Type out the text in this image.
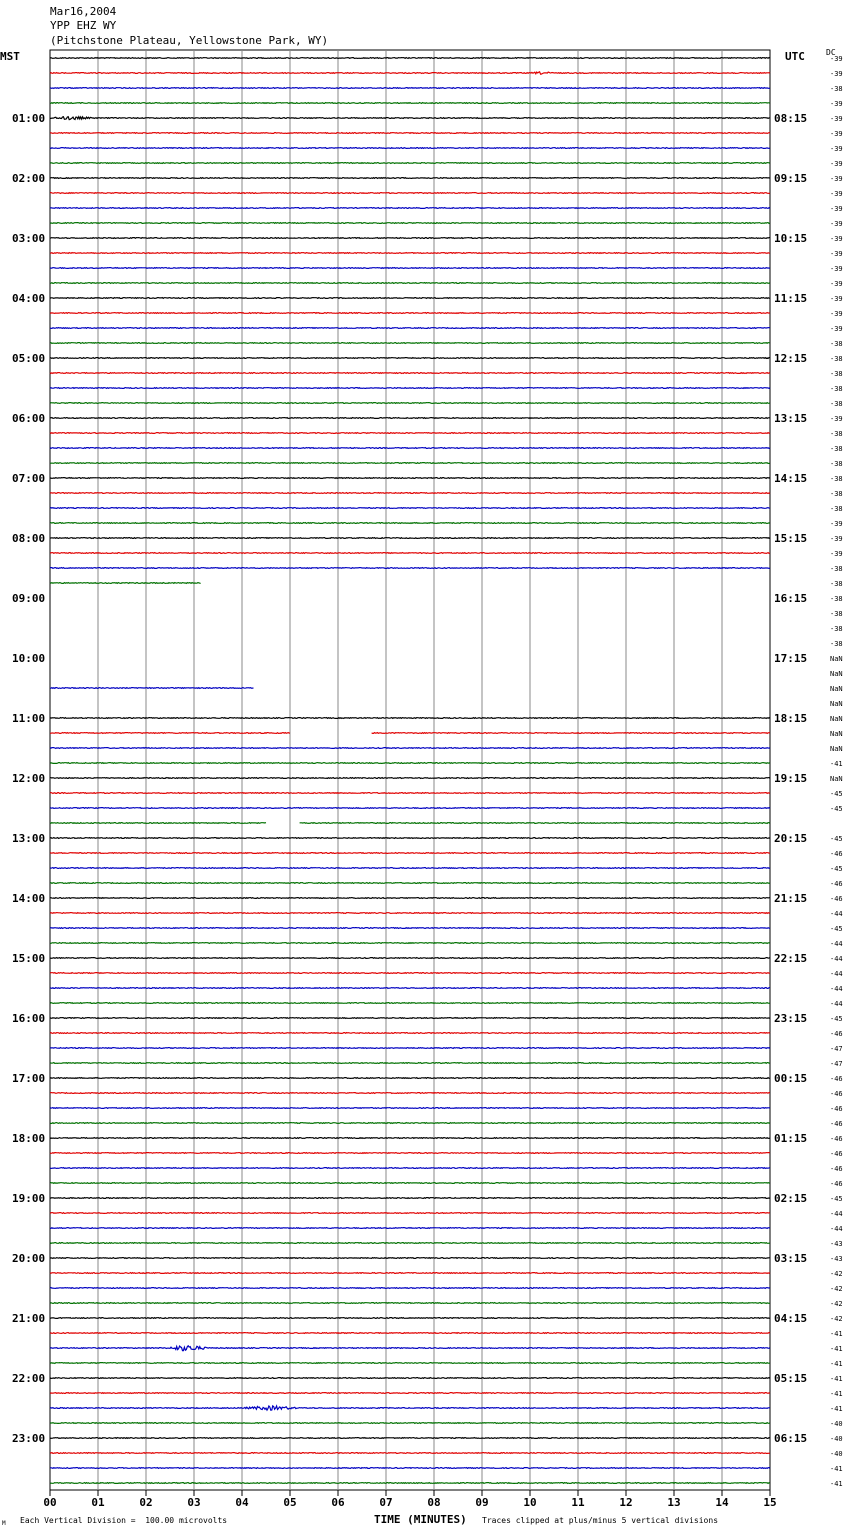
Mar16,2004
YPP EHZ WY
(Pitchstone Plateau, Yellowstone Park, WY)
MST	UTC	DC
01:00
02:00
03:00
04:00
05:00
06:00
07:00
08:00
09:00
10:00
11:00
12:00
13:00
14:00
15:00
16:00
17:00
18:00
19:00
20:00
21:00
22:00
23:00
08:15
09:15
10:15
11:15
12:15
13:15
14:15
15:15
16:15
17:15
18:15
19:15
20:15
21:15
22:15
23:15
00:15
01:15
02:15
03:15
04:15
05:15
06:15
-39
-39
-38
-39
-39
-39
-39
-39
-39
-39
-39
-39
-39
-39
-39
-39
-39
-39
-39
-38
-38
-38
-38
-38
-39
-38
-38
-38
-38
-38
-38
-39
-39
-39
-38
-38
-38
-38
-38
-38
NaN
NaN
NaN
NaN
NaN
NaN
NaN
-41
NaN
-45
-45
-45
-46
-45
-46
-46
-44
-45
-44
-44
-44
-44
-44
-45
-46
-47
-47
-46
-46
-46
-46
-46
-46
-46
-46
-45
-44
-44
-43
-43
-42
-42
-42
-42
-41
-41
-41
-41
-41
-41
-40
-40
-40
-41
-41
00	01	02	03	04	05	06	07	08	09	10	11	12	13	14	15
M Each Vertical Division =  100.00 microvolts	TIME (MINUTES) Traces clipped at plus/minus 5 vertical divisions
